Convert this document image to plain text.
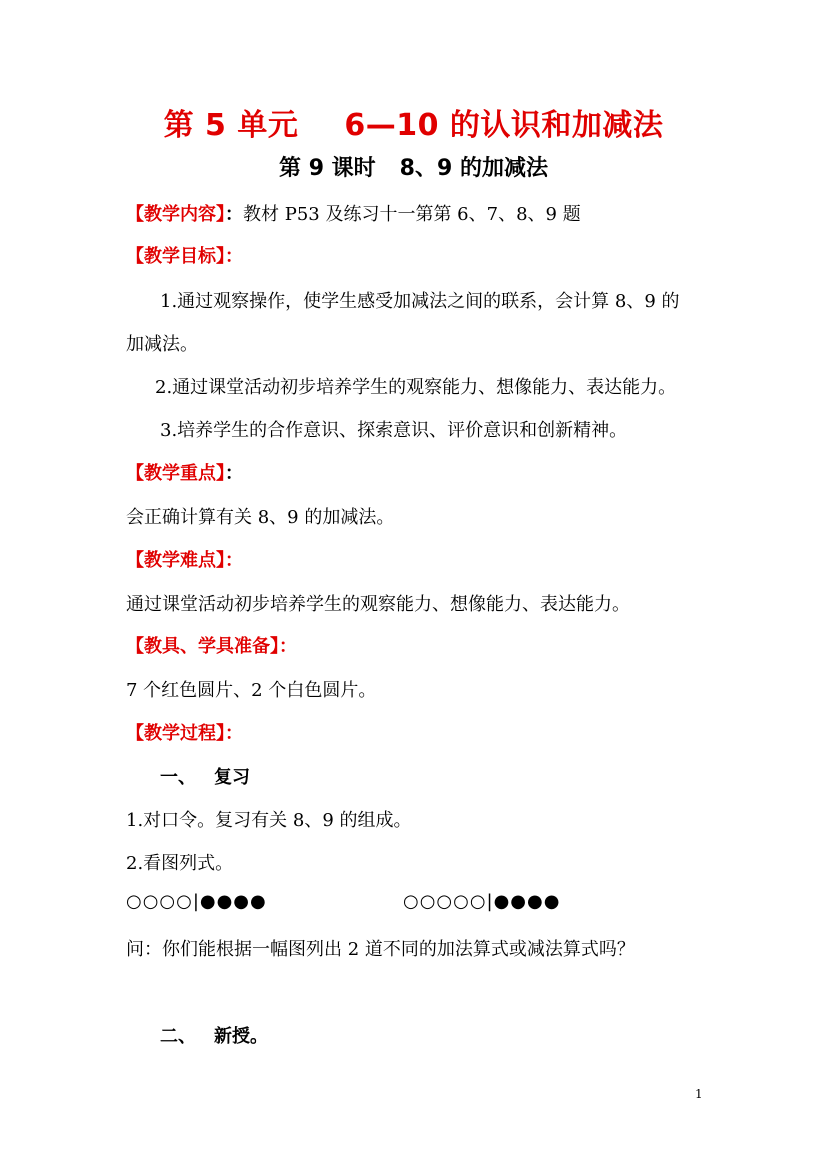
第 5 单元 6—10 的认识和加减法
第 9 课时 8、9 的加减法
【教学内容】：教材 P53 及练习十一第第 6、7、8、9 题
【教学目标】：
1.通过观察操作，使学生感受加减法之间的联系，会计算 8、9 的
加减法。
2.通过课堂活动初步培养学生的观察能力、想像能力、表达能力。
3.培养学生的合作意识、探索意识、评价意识和创新精神。
【教学重点】：
会正确计算有关 8、9 的加减法。
【教学难点】：
通过课堂活动初步培养学生的观察能力、想像能力、表达能力。
【教具、学具准备】：
7 个红色圆片、2 个白色圆片。
【教学过程】：
一、 复习
1.对口令。复习有关 8、9 的组成。
2.看图列式。
○○○○|●●●●	○○○○○|●●●●
问：你们能根据一幅图列出 2 道不同的加法算式或减法算式吗？
二、 新授。
1
